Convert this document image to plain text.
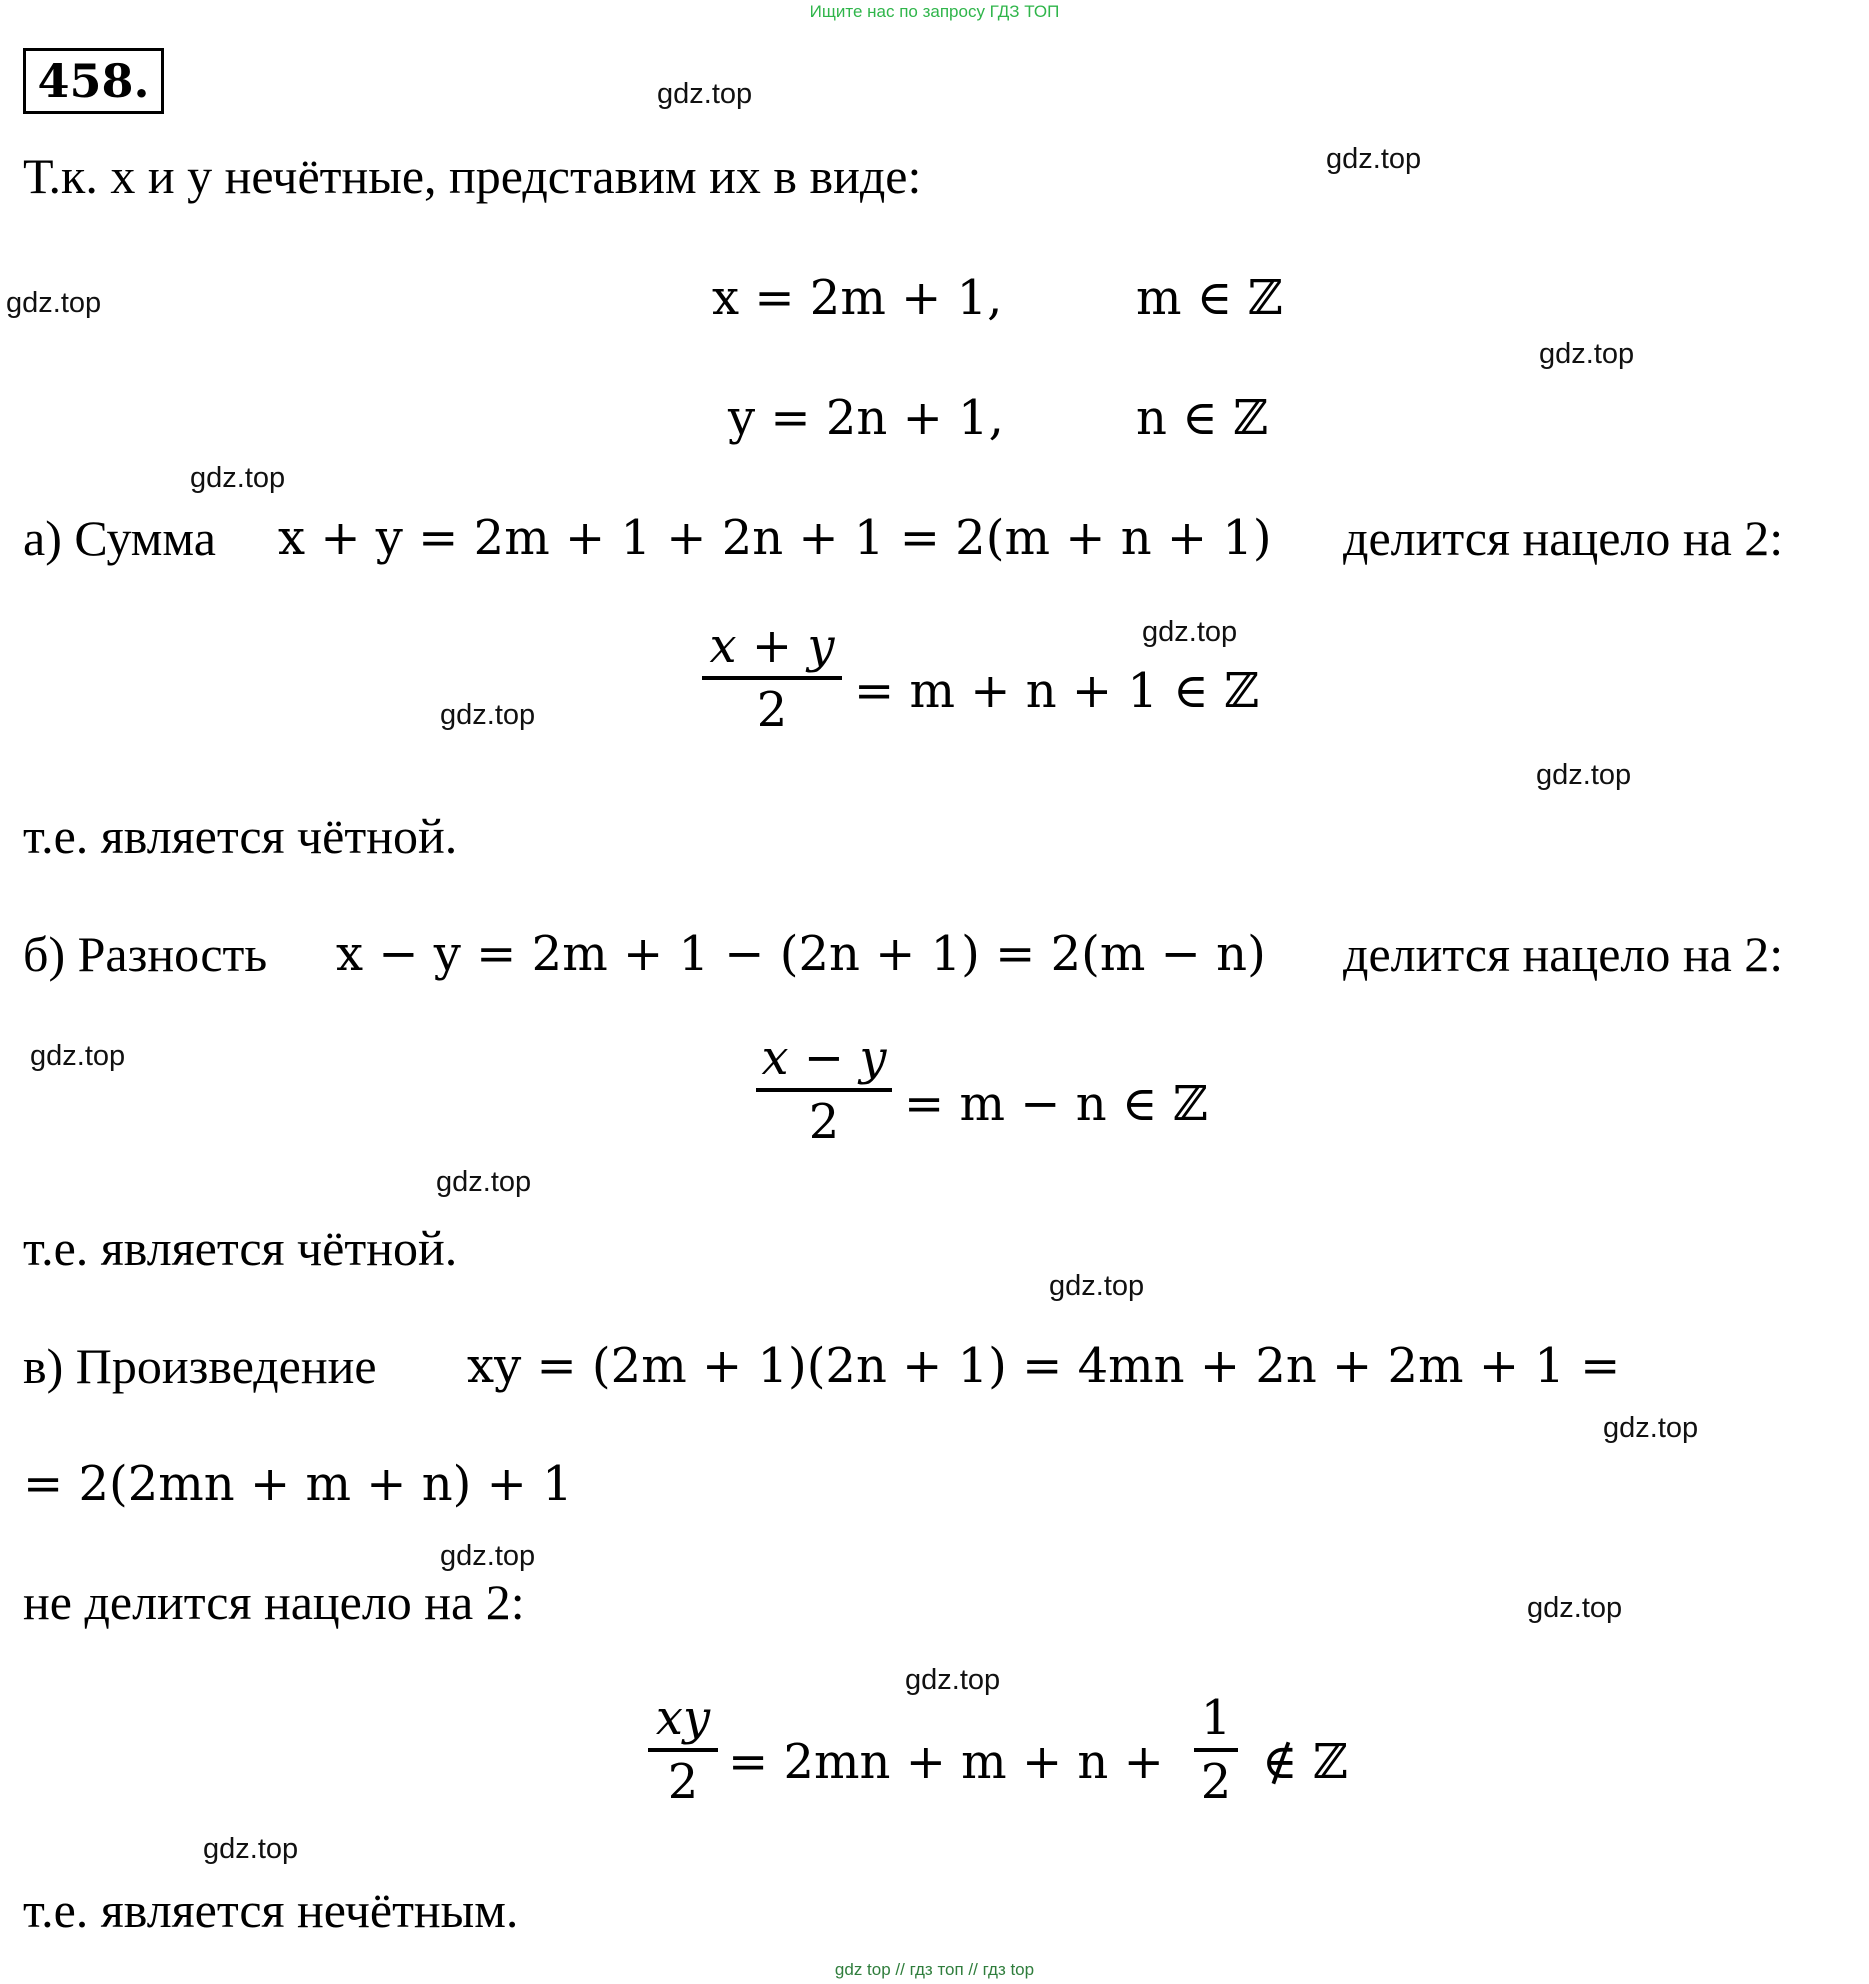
Ищите нас по запросу ГДЗ ТОП
458.	gdz.top
gdz.top
gdz.top
gdz.top
gdz.top
gdz.top
gdz.top
gdz.top
gdz.top
gdz.top
gdz.top
gdz.top
gdz.top
gdz.top
gdz.top
gdz.top
Т.к. x и y нечётные, представим их в виде:
x = 2m + 1,	m ∈ ℤ
y = 2n + 1,	n ∈ ℤ
а) Сумма x + y = 2m + 1 + 2n + 1 = 2(m + n + 1) делится нацело на 2:
x + y
2	= m + n + 1 ∈ ℤ
т.е. является чётной.
б) Разность x − y = 2m + 1 − (2n + 1) = 2(m − n) делится нацело на 2:
x − y
2	= m − n ∈ ℤ
т.е. является чётной.
в) Произведение xy = (2m + 1)(2n + 1) = 4mn + 2n + 2m + 1 =
= 2(2mn + m + n) + 1
не делится нацело на 2:
xy
2 = 2mn + m + n +
1
2 ∉ ℤ
т.е. является нечётным.
gdz top // гдз топ // гдз top
